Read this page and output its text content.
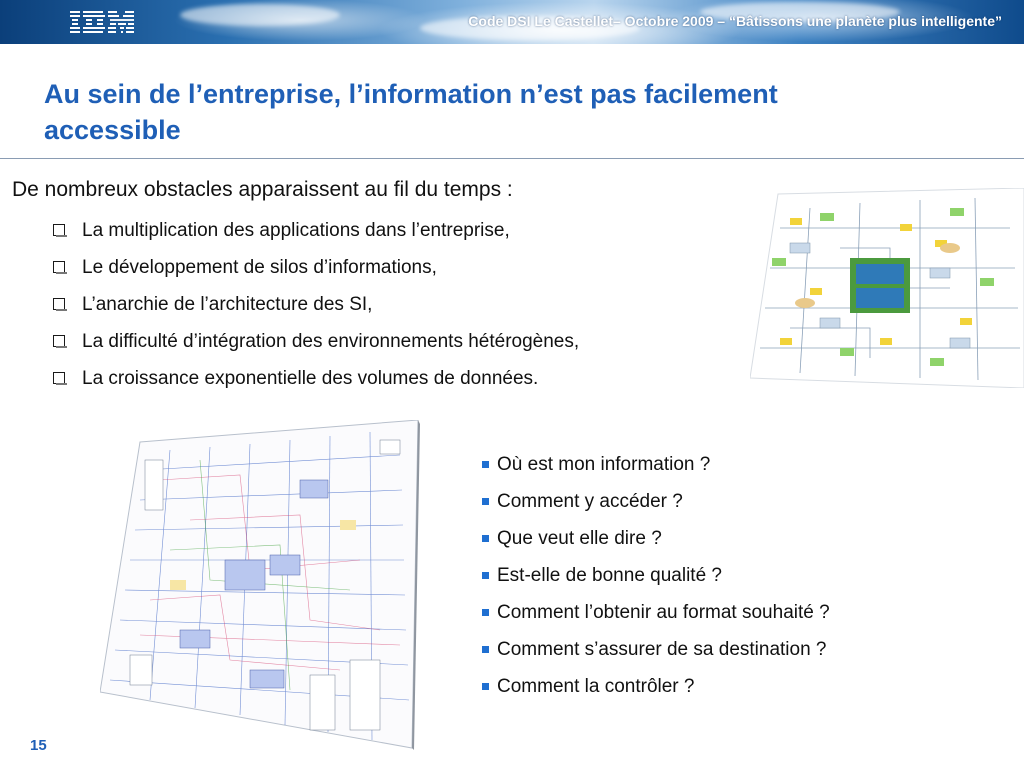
Code DSI Le Castellet– Octobre 2009 – “Bâtissons une planète plus intelligente”
Au sein de l’entreprise, l’information n’est pas facilement
accessible
De nombreux obstacles apparaissent au fil du temps :
La multiplication des applications dans l’entreprise,
Le développement de silos d’informations,
L’anarchie de l’architecture des SI,
La difficulté d’intégration des environnements hétérogènes,
La croissance exponentielle des volumes de données.
Où est mon information ?
Comment y accéder ?
Que veut elle dire ?
Est-elle de bonne qualité ?
Comment l’obtenir au format souhaité ?
Comment s’assurer de sa destination ?
Comment la contrôler ?
15
